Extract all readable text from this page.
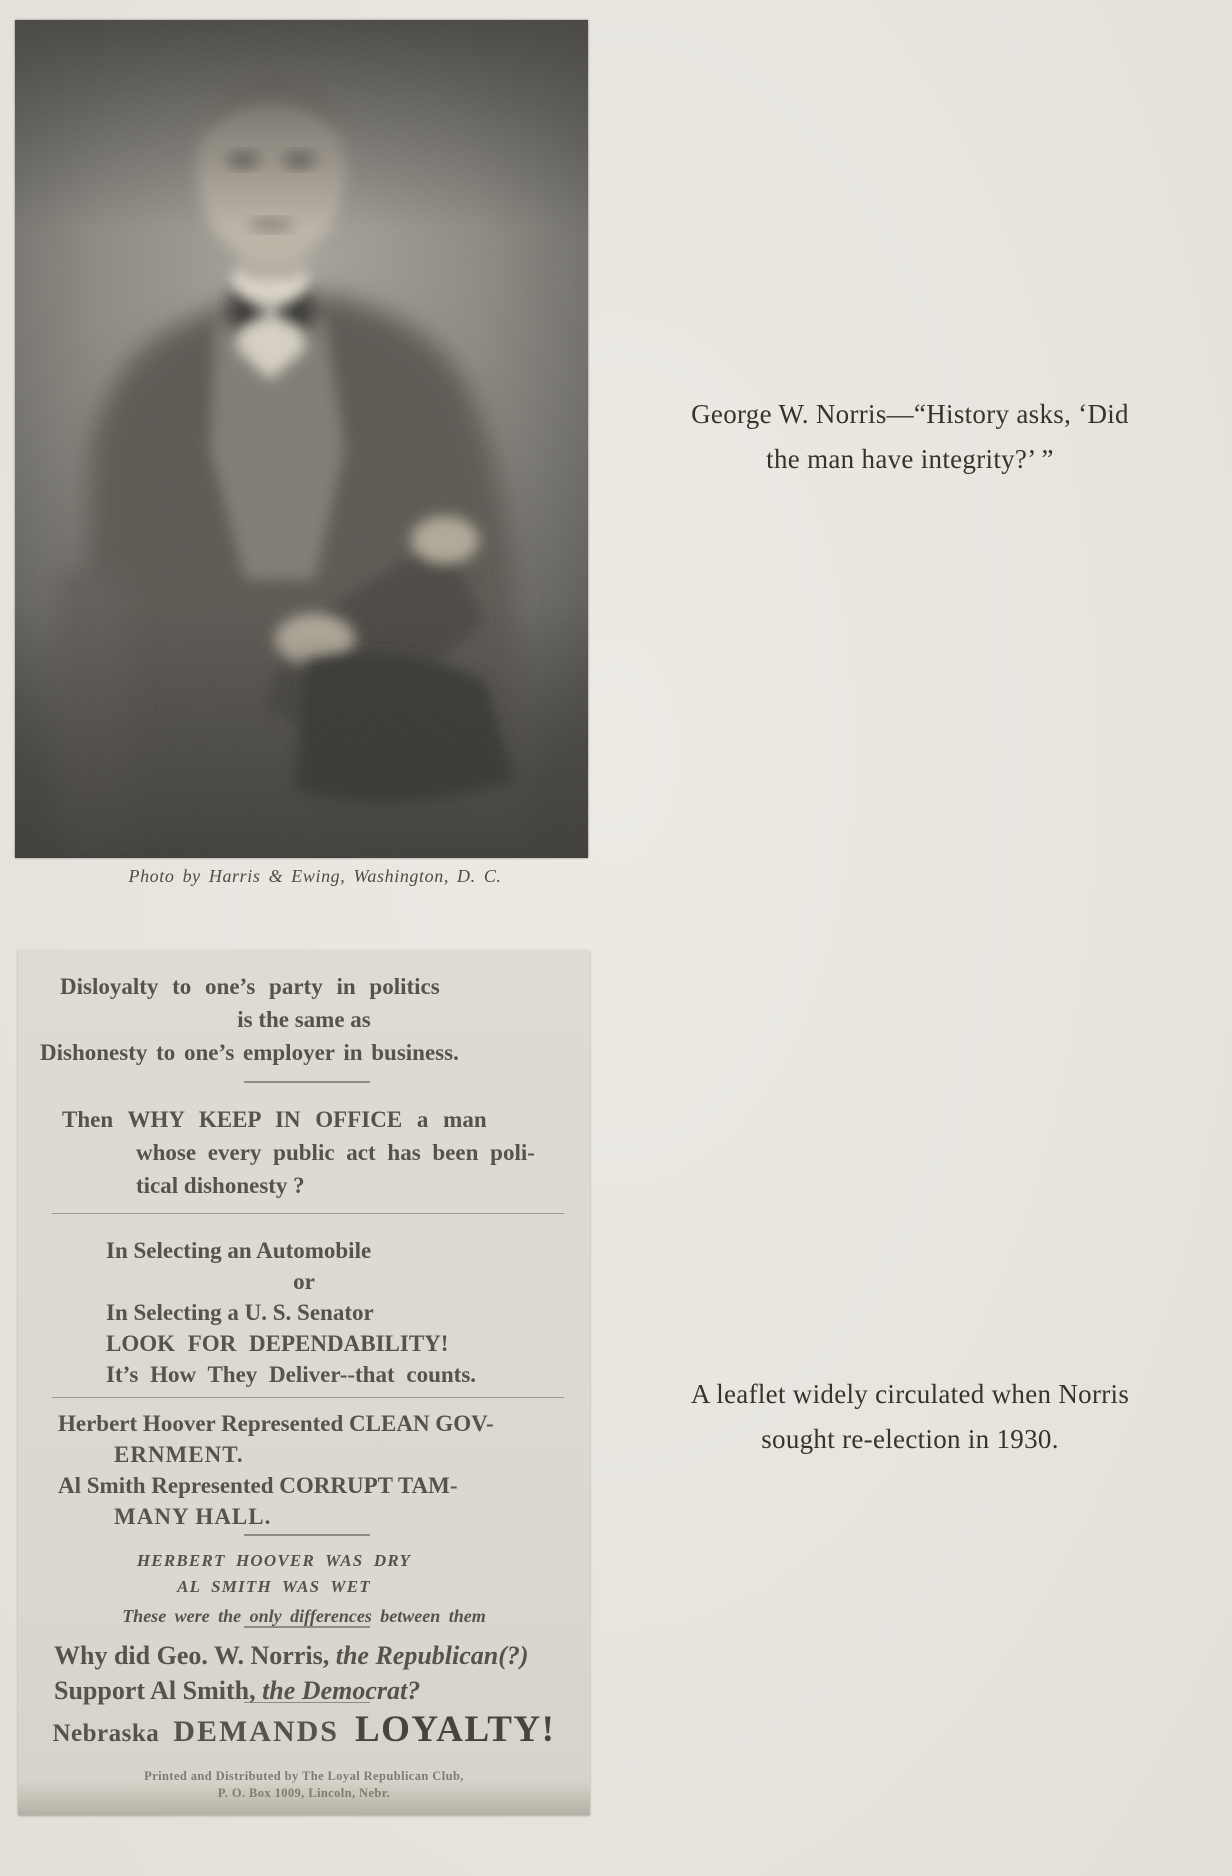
Photo by Harris & Ewing, Washington, D. C.
George W. Norris—“History asks, ‘Did
the man have integrity?’ ”
Disloyalty to one’s party in politics
is the same as
Dishonesty to one’s employer in business.
Then WHY KEEP IN OFFICE a man
whose every public act has been poli-
tical dishonesty ?
In Selecting an Automobile
or
In Selecting a U. S. Senator
LOOK FOR DEPENDABILITY!
It’s How They Deliver--that counts.
Herbert Hoover Represented CLEAN GOV-
ERNMENT.
Al Smith Represented CORRUPT TAM-
MANY HALL.
HERBERT HOOVER WAS DRY
AL SMITH WAS WET
These were the only differences between them
Why did Geo. W. Norris, the Republican(?)
Support Al Smith, the Democrat?
Nebraska DEMANDS LOYALTY!
Printed and Distributed by The Loyal Republican Club,
P. O. Box 1009, Lincoln, Nebr.
A leaflet widely circulated when Norris
sought re-election in 1930.
